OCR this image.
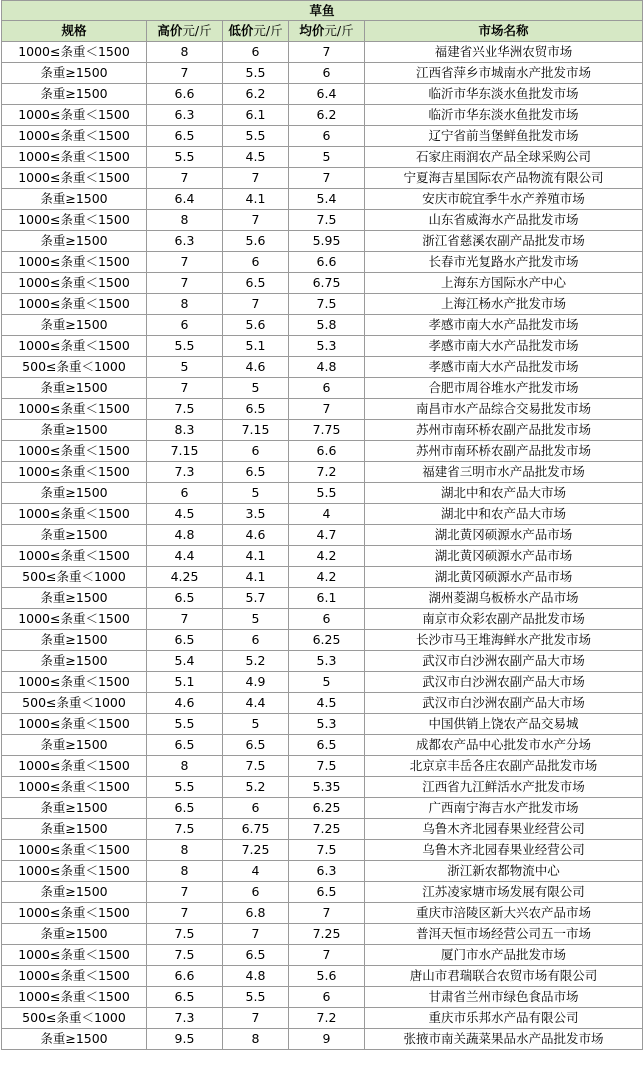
草鱼				
规格	高价元/斤	低价元/斤	均价元/斤	市场名称
1000≤条重＜1500	8	6	7	福建省兴业华洲农贸市场
条重≥1500	7	5.5	6	江西省萍乡市城南水产批发市场
条重≥1500	6.6	6.2	6.4	临沂市华东淡水鱼批发市场
1000≤条重＜1500	6.3	6.1	6.2	临沂市华东淡水鱼批发市场
1000≤条重＜1500	6.5	5.5	6	辽宁省前当堡鲜鱼批发市场
1000≤条重＜1500	5.5	4.5	5	石家庄雨润农产品全球采购公司
1000≤条重＜1500	7	7	7	宁夏海吉星国际农产品物流有限公司
条重≥1500	6.4	4.1	5.4	安庆市皖宜季牛水产养殖市场
1000≤条重＜1500	8	7	7.5	山东省威海水产品批发市场
条重≥1500	6.3	5.6	5.95	浙江省慈溪农副产品批发市场
1000≤条重＜1500	7	6	6.6	长春市光复路水产批发市场
1000≤条重＜1500	7	6.5	6.75	上海东方国际水产中心
1000≤条重＜1500	8	7	7.5	上海江杨水产批发市场
条重≥1500	6	5.6	5.8	孝感市南大水产品批发市场
1000≤条重＜1500	5.5	5.1	5.3	孝感市南大水产品批发市场
500≤条重＜1000	5	4.6	4.8	孝感市南大水产品批发市场
条重≥1500	7	5	6	合肥市周谷堆水产批发市场
1000≤条重＜1500	7.5	6.5	7	南昌市水产品综合交易批发市场
条重≥1500	8.3	7.15	7.75	苏州市南环桥农副产品批发市场
1000≤条重＜1500	7.15	6	6.6	苏州市南环桥农副产品批发市场
1000≤条重＜1500	7.3	6.5	7.2	福建省三明市水产品批发市场
条重≥1500	6	5	5.5	湖北中和农产品大市场
1000≤条重＜1500	4.5	3.5	4	湖北中和农产品大市场
条重≥1500	4.8	4.6	4.7	湖北黄冈硕源水产品市场
1000≤条重＜1500	4.4	4.1	4.2	湖北黄冈硕源水产品市场
500≤条重＜1000	4.25	4.1	4.2	湖北黄冈硕源水产品市场
条重≥1500	6.5	5.7	6.1	湖州菱湖乌板桥水产品市场
1000≤条重＜1500	7	5	6	南京市众彩农副产品批发市场
条重≥1500	6.5	6	6.25	长沙市马王堆海鲜水产批发市场
条重≥1500	5.4	5.2	5.3	武汉市白沙洲农副产品大市场
1000≤条重＜1500	5.1	4.9	5	武汉市白沙洲农副产品大市场
500≤条重＜1000	4.6	4.4	4.5	武汉市白沙洲农副产品大市场
1000≤条重＜1500	5.5	5	5.3	中国供销上饶农产品交易城
条重≥1500	6.5	6.5	6.5	成都农产品中心批发市水产分场
1000≤条重＜1500	8	7.5	7.5	北京京丰岳各庄农副产品批发市场
1000≤条重＜1500	5.5	5.2	5.35	江西省九江鲜活水产批发市场
条重≥1500	6.5	6	6.25	广西南宁海吉水产批发市场
条重≥1500	7.5	6.75	7.25	乌鲁木齐北园春果业经营公司
1000≤条重＜1500	8	7.25	7.5	乌鲁木齐北园春果业经营公司
1000≤条重＜1500	8	4	6.3	浙江新农都物流中心
条重≥1500	7	6	6.5	江苏凌家塘市场发展有限公司
1000≤条重＜1500	7	6.8	7	重庆市涪陵区新大兴农产品市场
条重≥1500	7.5	7	7.25	普洱天恒市场经营公司五一市场
1000≤条重＜1500	7.5	6.5	7	厦门市水产品批发市场
1000≤条重＜1500	6.6	4.8	5.6	唐山市君瑞联合农贸市场有限公司
1000≤条重＜1500	6.5	5.5	6	甘肃省兰州市绿色食品市场
500≤条重＜1000	7.3	7	7.2	重庆市乐邦水产品有限公司
条重≥1500	9.5	8	9	张掖市南关蔬菜果品水产品批发市场
